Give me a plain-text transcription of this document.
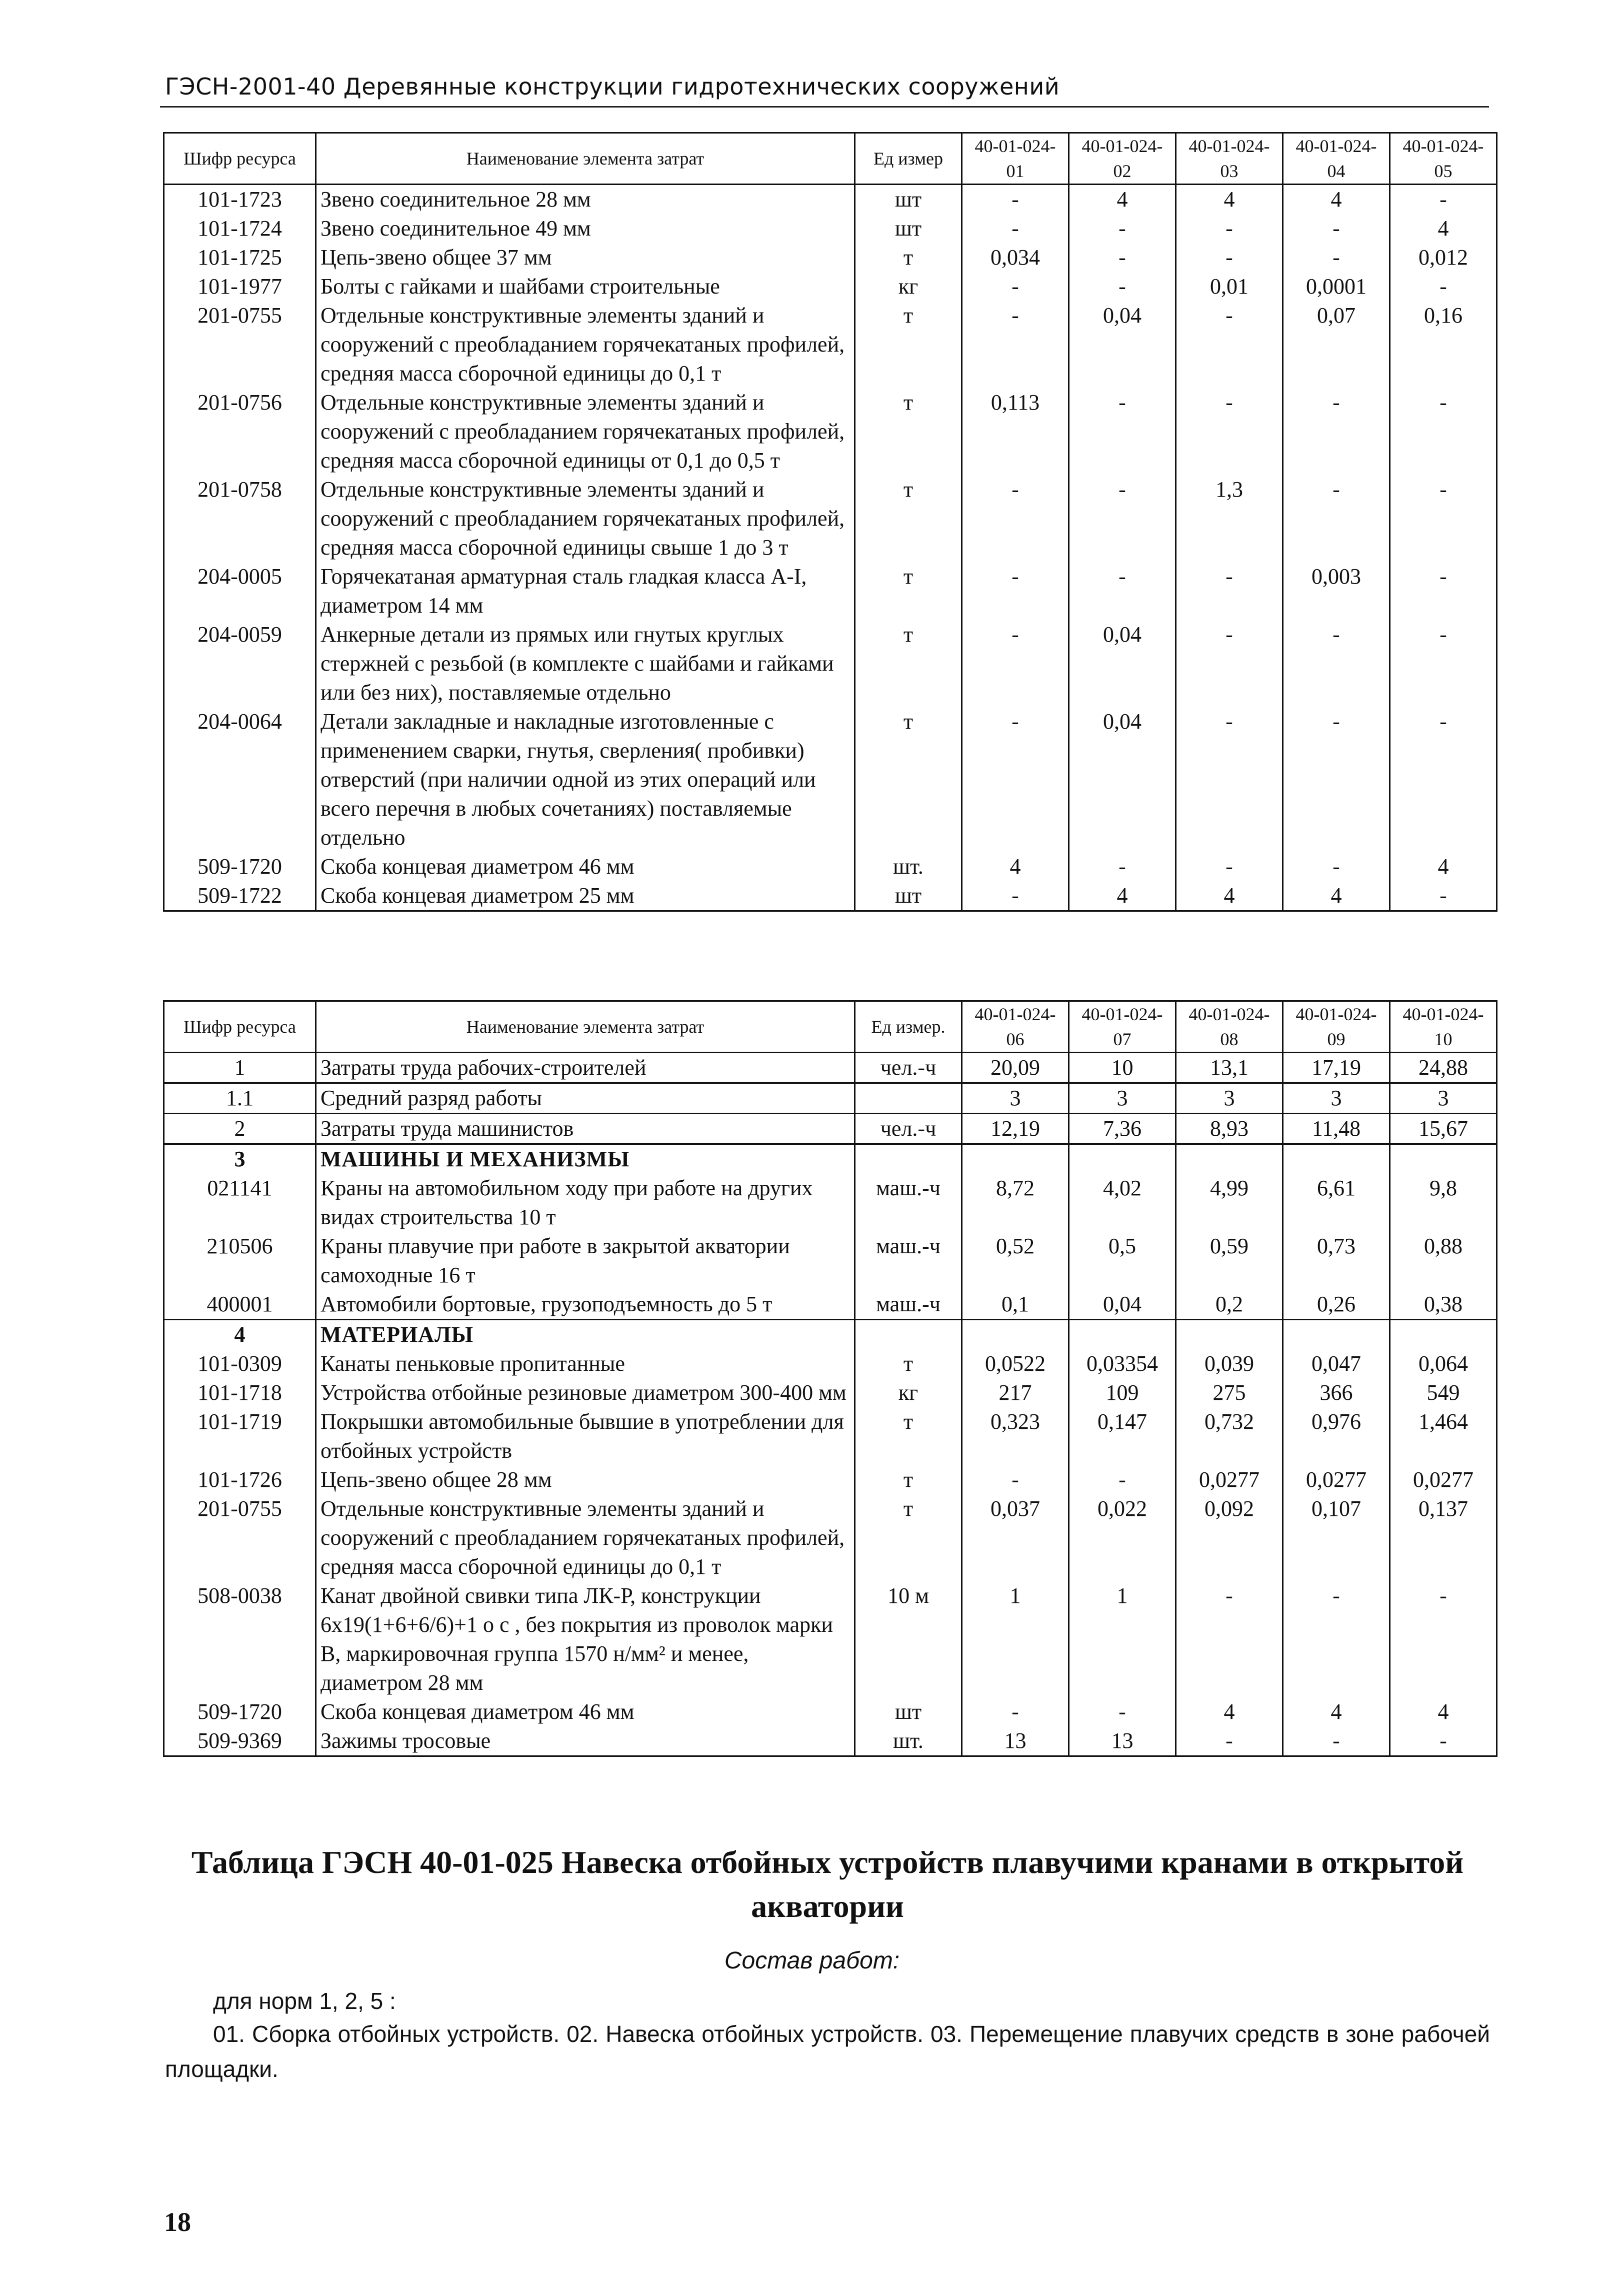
ГЭСН-2001-40 Деревянные конструкции гидротехнических сооружений
Шифр ресурса	Наименование элемента затрат	Ед измер	40-01-024-01	40-01-024-02	40-01-024-03	40-01-024-04	40-01-024-05
101-1723	Звено соединительное 28 мм	шт	-	4	4	4	-
101-1724	Звено соединительное 49 мм	шт	-	-	-	-	4
101-1725	Цепь-звено общее 37 мм	т	0,034	-	-	-	0,012
101-1977	Болты с гайками и шайбами строительные	кг	-	-	0,01	0,0001	-
201-0755	Отдельные конструктивные элементы зданий и сооружений с преобладанием горячекатаных профилей, средняя масса сборочной единицы до 0,1 т	т	-	0,04	-	0,07	0,16
201-0756	Отдельные конструктивные элементы зданий и сооружений с преобладанием горячекатаных профилей, средняя масса сборочной единицы от 0,1 до 0,5 т	т	0,113	-	-	-	-
201-0758	Отдельные конструктивные элементы зданий и сооружений с преобладанием горячекатаных профилей, средняя масса сборочной единицы свыше 1 до 3 т	т	-	-	1,3	-	-
204-0005	Горячекатаная арматурная сталь гладкая класса А-I, диаметром 14 мм	т	-	-	-	0,003	-
204-0059	Анкерные детали из прямых или гнутых круглых стержней с резьбой (в комплекте с шайбами и гайками или без них), поставляемые отдельно	т	-	0,04	-	-	-
204-0064	Детали закладные и накладные изготовленные с применением сварки, гнутья, сверления( пробивки) отверстий (при наличии одной из этих операций или всего перечня в любых сочетаниях) поставляемые отдельно	т	-	0,04	-	-	-
509-1720	Скоба концевая диаметром 46 мм	шт.	4	-	-	-	4
509-1722	Скоба концевая диаметром 25 мм	шт	-	4	4	4	-
Шифр ресурса	Наименование элемента затрат	Ед измер.	40-01-024-06	40-01-024-07	40-01-024-08	40-01-024-09	40-01-024-10
1	Затраты труда рабочих-строителей	чел.-ч	20,09	10	13,1	17,19	24,88
1.1	Средний разряд работы		3	3	3	3	3
2	Затраты труда машинистов	чел.-ч	12,19	7,36	8,93	11,48	15,67
3	МАШИНЫ И МЕХАНИЗМЫ						
021141	Краны на автомобильном ходу при работе на других видах строительства 10 т	маш.-ч	8,72	4,02	4,99	6,61	9,8
210506	Краны плавучие при работе в закрытой акватории самоходные 16 т	маш.-ч	0,52	0,5	0,59	0,73	0,88
400001	Автомобили бортовые, грузоподъемность до 5 т	маш.-ч	0,1	0,04	0,2	0,26	0,38
4	МАТЕРИАЛЫ						
101-0309	Канаты пеньковые пропитанные	т	0,0522	0,03354	0,039	0,047	0,064
101-1718	Устройства отбойные резиновые диаметром 300-400 мм	кг	217	109	275	366	549
101-1719	Покрышки автомобильные бывшие в употреблении для отбойных устройств	т	0,323	0,147	0,732	0,976	1,464
101-1726	Цепь-звено общее 28 мм	т	-	-	0,0277	0,0277	0,0277
201-0755	Отдельные конструктивные элементы зданий и сооружений с преобладанием горячекатаных профилей, средняя масса сборочной единицы до 0,1 т	т	0,037	0,022	0,092	0,107	0,137
508-0038	Канат двойной свивки типа ЛК-Р, конструкции 6х19(1+6+6/6)+1 о с , без покрытия из проволок марки В, маркировочная группа 1570 н/мм² и менее, диаметром 28 мм	10 м	1	1	-	-	-
509-1720	Скоба концевая диаметром 46 мм	шт	-	-	4	4	4
509-9369	Зажимы тросовые	шт.	13	13	-	-	-
Таблица ГЭСН 40-01-025 Навеска отбойных устройств плавучими кранами в открытой акватории
Состав работ:
для норм 1, 2, 5 :
01. Сборка отбойных устройств. 02. Навеска отбойных устройств. 03. Перемещение плавучих средств в зоне рабочей площадки.
18
